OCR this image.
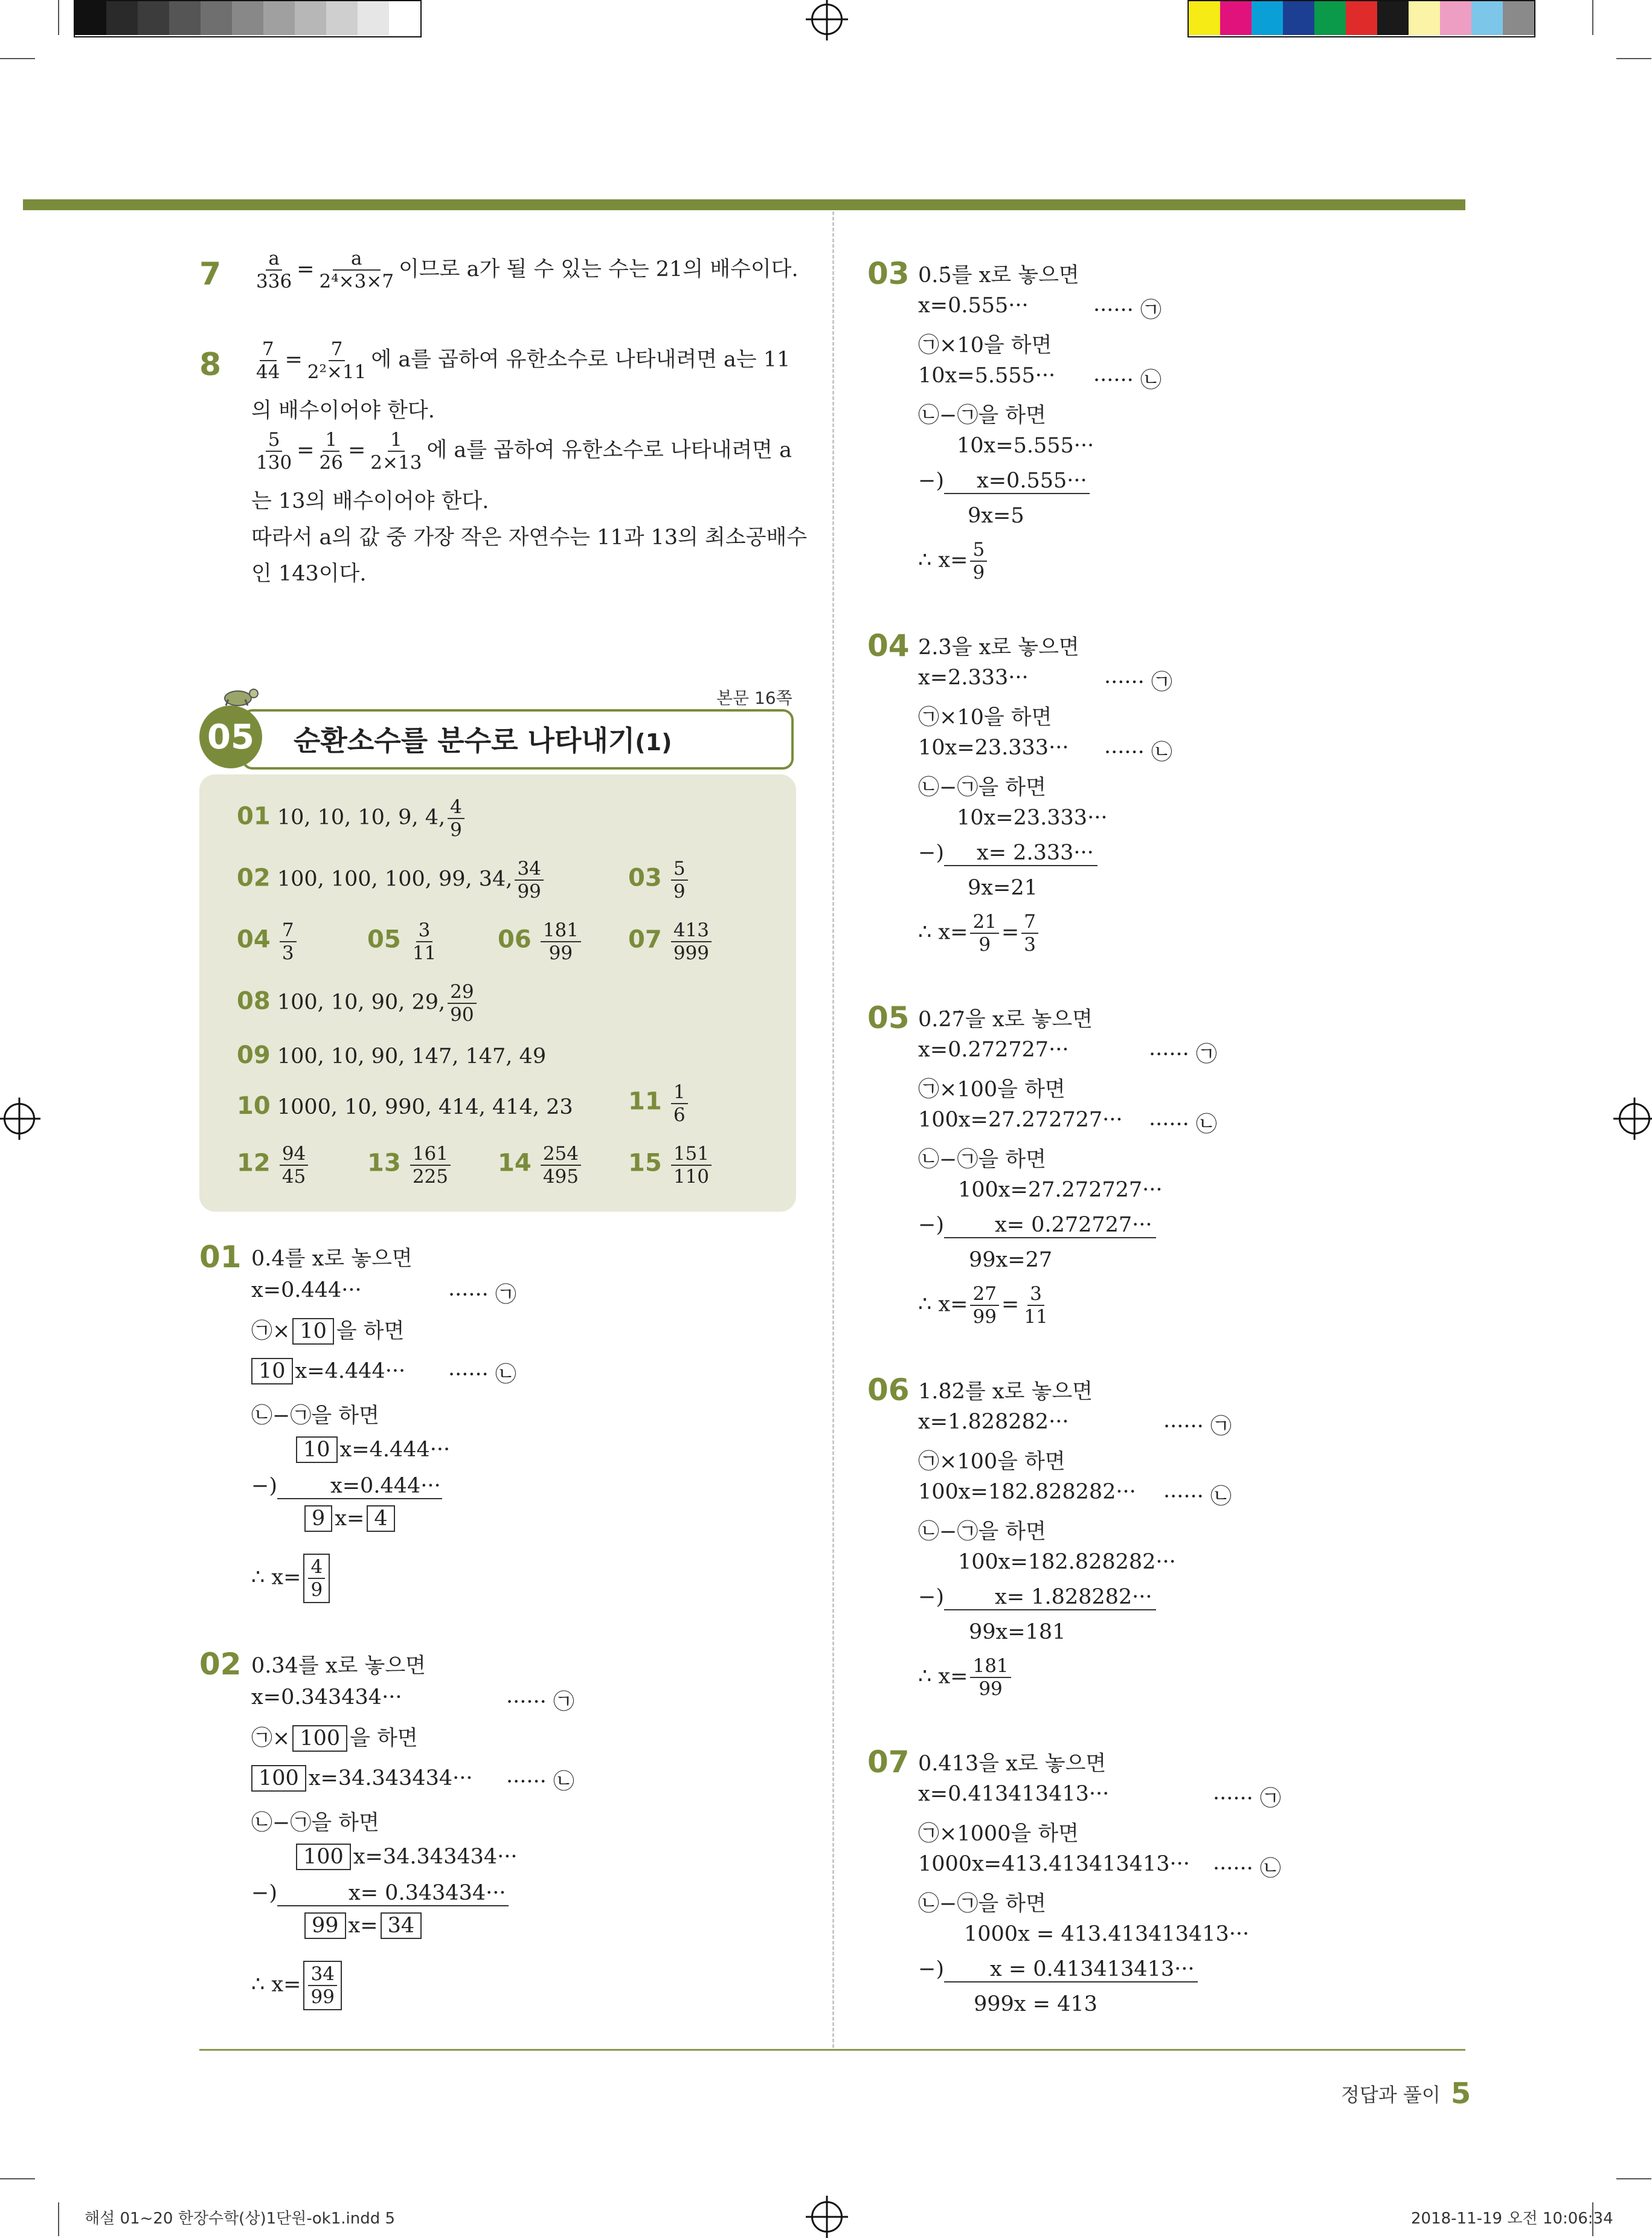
$7 \frac{a}{336} = \frac{a}{\text{2⁴×3×7}}$ 이므로 a가 될 수 있는 수는 21의 배수이다.
$8 \frac{7}{44} = \frac{7}{\text{2²×11}}$ 에 a를 곱하여 유한소수로 나타내려면 a는 11
의 배수이어야 한다.
$\frac{5}{130} = \frac{1}{26} = \frac{1}{2\times 13}$ 에 a를 곱하여 유한소수로 나타내려면 a
는 13의 배수이어야 한다.
따라서 a의 값 중 가장 작은 자연수는 11과 13의 최소공배수
인 143이다.
본문 16쪽
05 순환소수를 분수로 나타내기(1)
01 10, 10, 10, 9, 4, $\frac{4}{9}$
02 100, 100, 100, 99, 34, $\frac{34}{99}$	$03 \frac{5}{9}$
$04 \frac{7}{3}$	$05 \frac{3}{11} 06 \frac{181}{99} 07 \frac{413}{999}$
08 100, 10, 90, 29, $\frac{29}{90}$
09 100, 10, 90, 147, 147, 49
10 1000, 10, 990, 414, 414, 23 $11 \frac{1}{6}$
$12 \frac{94}{45} 13 \frac{161}{225} 14 \frac{254}{495} 15 \frac{151}{110}$
01 0.4̇를 x로 놓으면
x=0.444···	······ ㉠
㉠× 10 을 하면
10 x=4.444··· ······ ㉡
㉡−㉠을 하면
10 x=4.444···
−)	x=0.444···
9 x= 4
∴ $x= \frac{4}{9}$
02 0.3̇4̇를 x로 놓으면
x=0.343434···	······ ㉠
㉠× 100 을 하면
100 x=34.343434··· ······ ㉡
㉡−㉠을 하면
100 x=34.343434···
−)	x= 0.343434···
99 x= 34
∴ $x= \frac{34}{99}$
03 0.5̇를 x로 놓으면
x=0.555···	······ ㉠
㉠×10을 하면
10x=5.555··· ······ ㉡
㉡−㉠을 하면
10x=5.555···
−) x=0.555···
9x=5
∴ $x= \frac{5}{9}$
04 2.3̇을 x로 놓으면
x=2.333···	······ ㉠
㉠×10을 하면
10x=23.333··· ······ ㉡
㉡−㉠을 하면
10x=23.333···
−) x= 2.333···
9x=21
∴ $x= \frac{21}{9} = \frac{7}{3}$
05 0.2̇7̇을 x로 놓으면
x=0.272727···	······ ㉠
㉠×100을 하면
100x=27.272727··· ······ ㉡
㉡−㉠을 하면
100x=27.272727···
−) x= 0.272727···
99x=27
∴ $x= \frac{27}{99} = \frac{3}{11}$
06 1.8̇2̇를 x로 놓으면
x=1.828282···	······ ㉠
㉠×100을 하면
100x=182.828282··· ······ ㉡
㉡−㉠을 하면
100x=182.828282···
−) x= 1.828282···
99x=181
∴ $x= \frac{181}{99}$
07 0.4̇13̇을 x로 놓으면
x=0.413413413···	······ ㉠
㉠×1000을 하면
1000x=413.413413413··· ······ ㉡
㉡−㉠을 하면
1000x = 413.413413413···
−) x = 0.413413413···
999x = 413
정답과 풀이 5
해설 01~20 한장수학(상)1단원-ok1.indd 5	2018-11-19 오전 10:06:34
